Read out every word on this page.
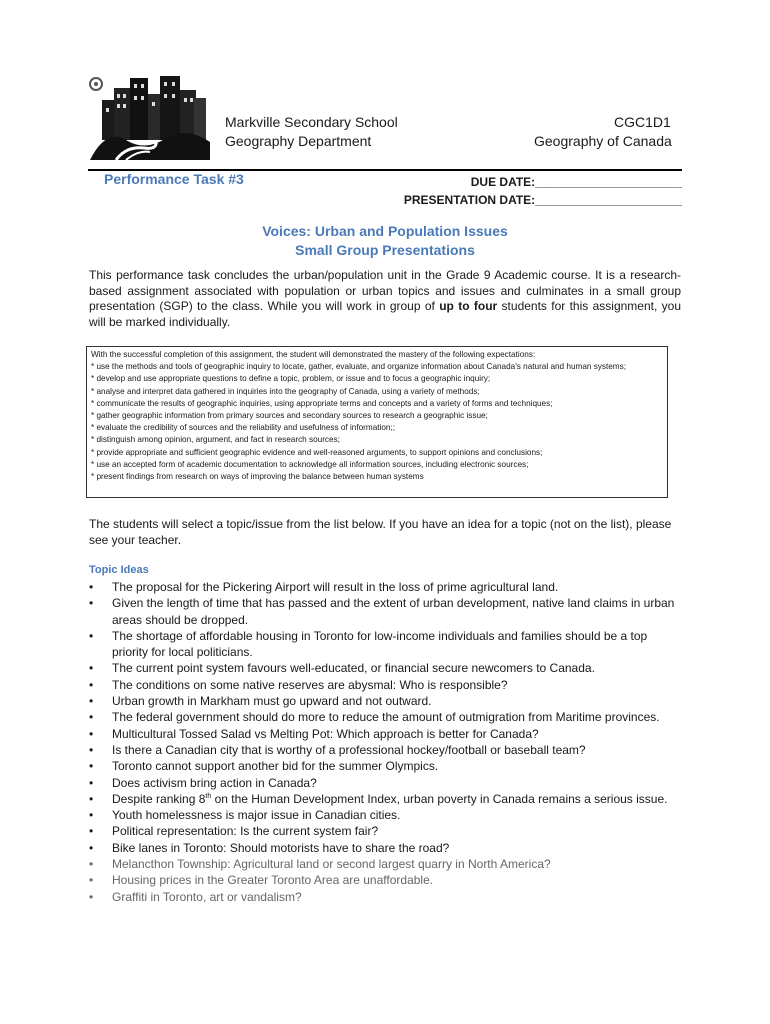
Markville Secondary School
Geography Department
CGC1D1
Geography of Canada
Performance Task #3	DUE DATE:______________________
PRESENTATION DATE:______________________
Voices: Urban and Population Issues
Small Group Presentations
This performance task concludes the urban/population unit in the Grade 9 Academic course. It is a research-based assignment associated with population or urban topics and issues and culminates in a small group presentation (SGP) to the class. While you will work in group of up to four students for this assignment, you will be marked individually.
With the successful completion of this assignment, the student will demonstrated the mastery of the following expectations:
* use the methods and tools of geographic inquiry to locate, gather, evaluate, and organize information about Canada's natural and human systems;
* develop and use appropriate questions to define a topic, problem, or issue and to focus a geographic inquiry;
* analyse and interpret data gathered in inquiries into the geography of Canada, using a variety of methods;
* communicate the results of geographic inquiries, using appropriate terms and concepts and a variety of forms and techniques;
* gather geographic information from primary sources and secondary sources to research a geographic issue;
* evaluate the credibility of sources and the reliability and usefulness of information;;
* distinguish among opinion, argument, and fact in research sources;
* provide appropriate and sufficient geographic evidence and well-reasoned arguments, to support opinions and conclusions;
* use an accepted form of academic documentation to acknowledge all information sources, including electronic sources;
* present findings from research on ways of improving the balance between human systems
The students will select a topic/issue from the list below. If you have an idea for a topic (not on the list), please see your teacher.
Topic Ideas
•	The proposal for the Pickering Airport will result in the loss of prime agricultural land.
•	Given the length of time that has passed and the extent of urban development, native land claims in urban areas should be dropped.
•	The shortage of affordable housing in Toronto for low-income individuals and families should be a top priority for local politicians.
•	The current point system favours well-educated, or financial secure newcomers to Canada.
•	The conditions on some native reserves are abysmal: Who is responsible?
•	Urban growth in Markham must go upward and not outward.
•	The federal government should do more to reduce the amount of outmigration from Maritime provinces.
•	Multicultural Tossed Salad vs Melting Pot: Which approach is better for Canada?
•	Is there a Canadian city that is worthy of a professional hockey/football or baseball team?
•	Toronto cannot support another bid for the summer Olympics.
•	Does activism bring action in Canada?
•	Despite ranking 8th on the Human Development Index, urban poverty in Canada remains a serious issue.
•	Youth homelessness is major issue in Canadian cities.
•	Political representation: Is the current system fair?
•	Bike lanes in Toronto: Should motorists have to share the road?
•	Melancthon Township: Agricultural land or second largest quarry in North America?
•	Housing prices in the Greater Toronto Area are unaffordable.
•	Graffiti in Toronto, art or vandalism?
